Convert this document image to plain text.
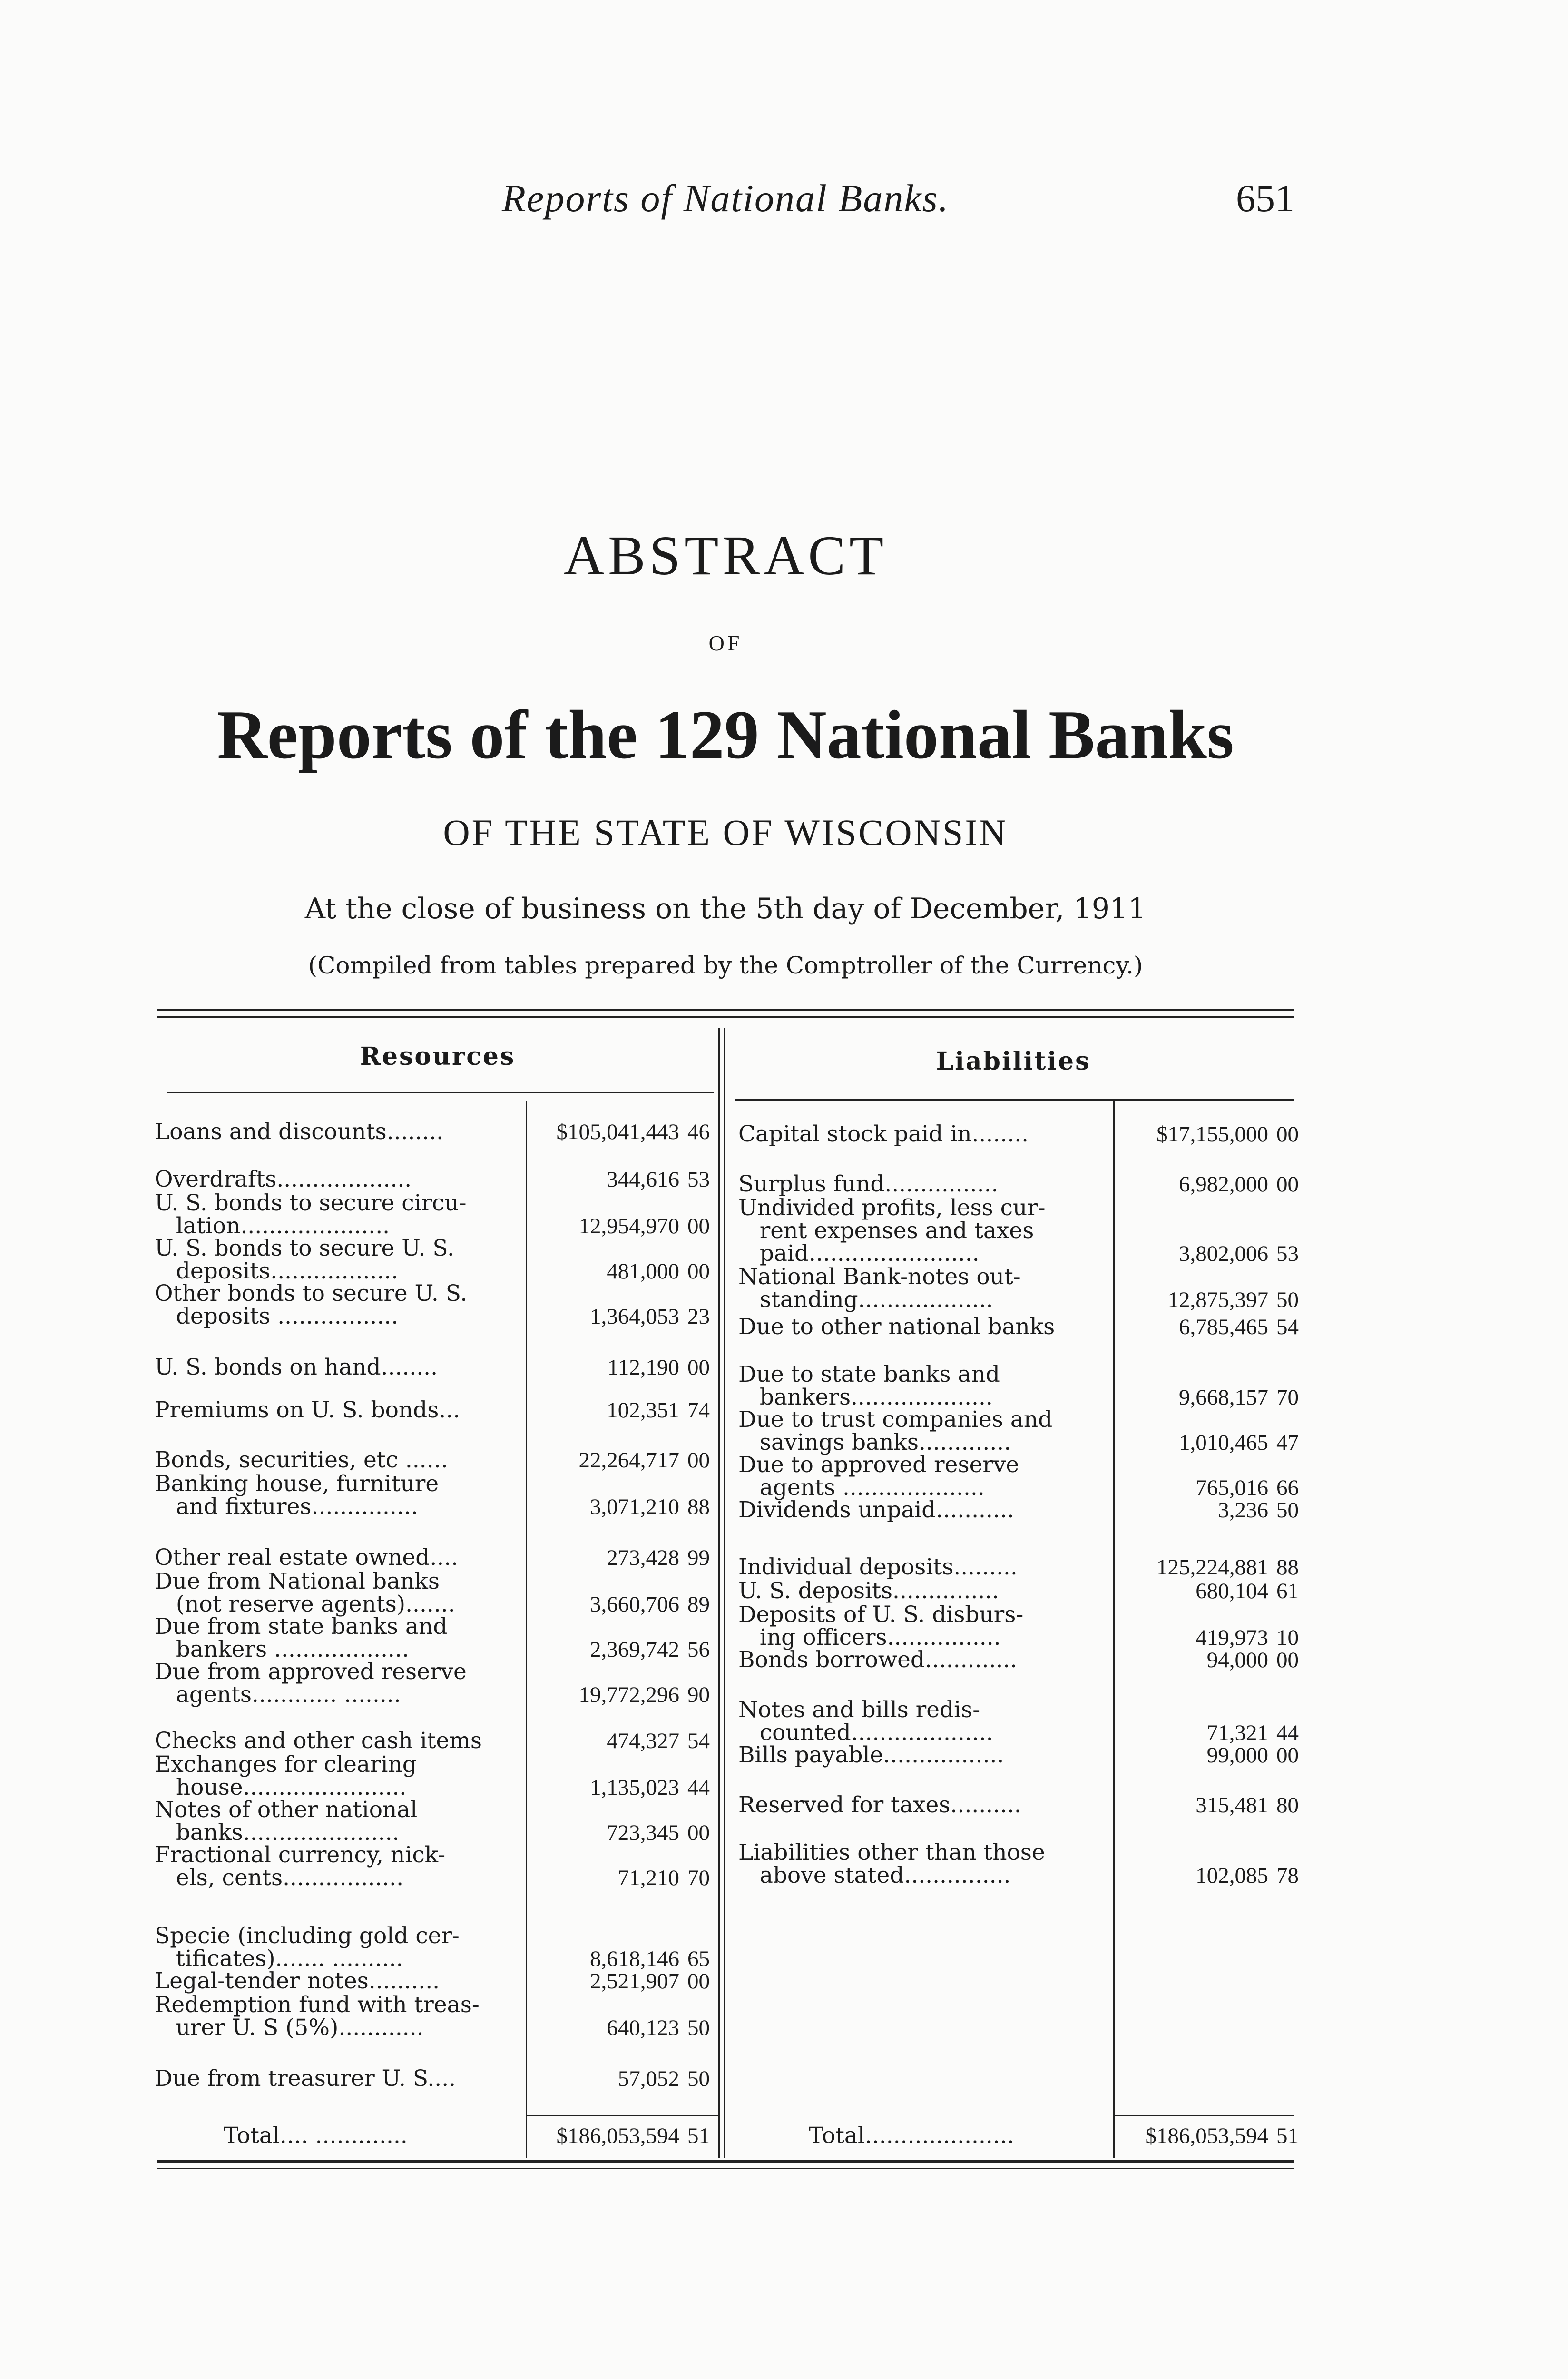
Reports of National Banks.	651
ABSTRACT
OF
Reports of the 129 National Banks
OF THE STATE OF WISCONSIN
At the close of business on the 5th day of December, 1911
(Compiled from tables prepared by the Comptroller of the Currency.)
Resources	Liabilities
Loans and discounts........	$105,041,443 46
Overdrafts...................	344,616 53
U. S. bonds to secure circu-
lation.....................	12,954,970 00
U. S. bonds to secure U. S.
deposits..................	481,000 00
Other bonds to secure U. S.
deposits .................	1,364,053 23
U. S. bonds on hand........	112,190 00
Premiums on U. S. bonds...	102,351 74
Bonds, securities, etc ......	22,264,717 00
Banking house, furniture
and fixtures...............	3,071,210 88
Other real estate owned....	273,428 99
Due from National banks
(not reserve agents).......	3,660,706 89
Due from state banks and
bankers ...................	2,369,742 56
Due from approved reserve
agents............ ........	19,772,296 90
Checks and other cash items	474,327 54
Exchanges for clearing
house.......................	1,135,023 44
Notes of other national
banks......................	723,345 00
Fractional currency, nick-
els, cents.................	71,210 70
Specie (including gold cer-
tificates)....... ..........	8,618,146 65
Legal-tender notes..........	2,521,907 00
Redemption fund with treas-
urer U. S (5%)............	640,123 50
Due from treasurer U. S....	57,052 50
Total.... .............	$186,053,594 51
Capital stock paid in........	$17,155,000 00
Surplus fund................	6,982,000 00
Undivided profits, less cur-
rent expenses and taxes
paid........................	3,802,006 53
National Bank-notes out-
standing...................	12,875,397 50
Due to other national banks	6,785,465 54
Due to state banks and
bankers....................	9,668,157 70
Due to trust companies and
savings banks.............	1,010,465 47
Due to approved reserve
agents ....................	765,016 66
Dividends unpaid...........	3,236 50
Individual deposits.........	125,224,881 88
U. S. deposits...............	680,104 61
Deposits of U. S. disburs-
ing officers................	419,973 10
Bonds borrowed.............	94,000 00
Notes and bills redis-
counted....................	71,321 44
Bills payable.................	99,000 00
Reserved for taxes..........	315,481 80
Liabilities other than those
above stated...............	102,085 78
Total.....................	$186,053,594 51
